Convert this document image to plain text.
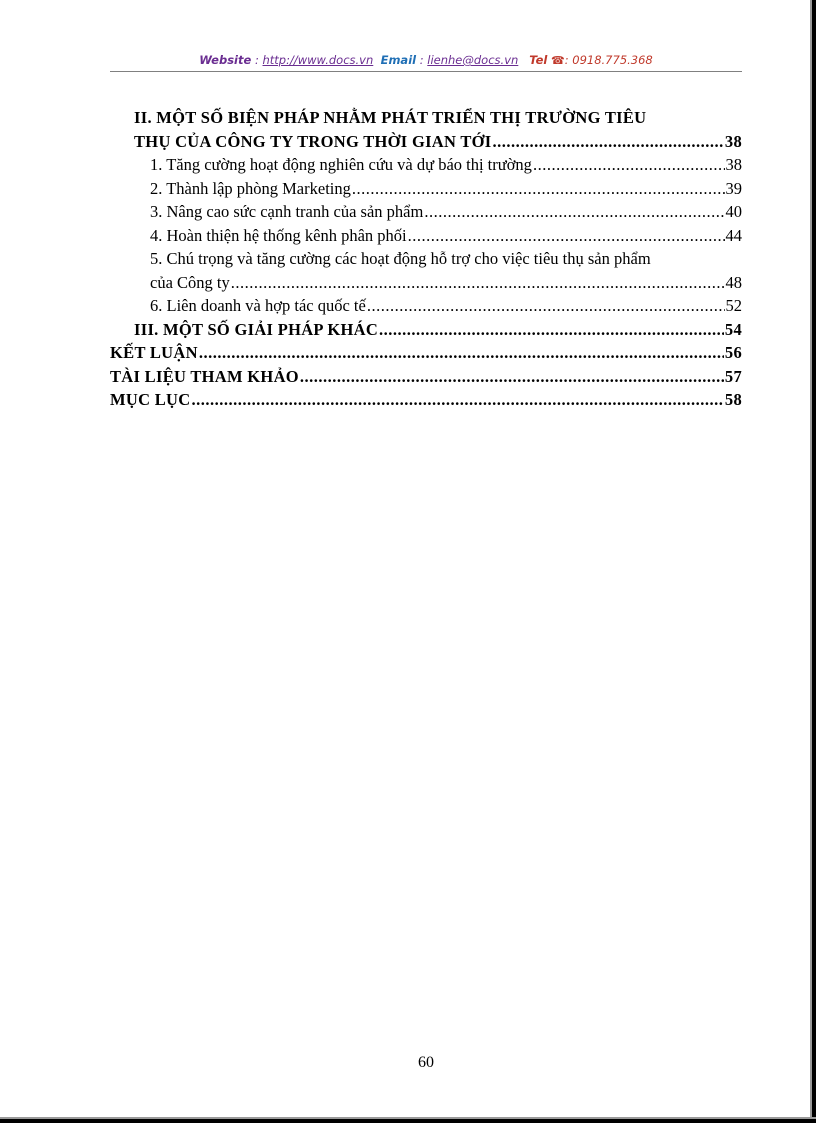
Website : http://www.docs.vn Email : lienhe@docs.vn Tel ☎: 0918.775.368
II. MỘT SỐ BIỆN PHÁP NHẰM PHÁT TRIỂN THỊ TRƯỜNG TIÊU
THỤ CỦA CÔNG TY TRONG THỜI GIAN TỚI .....	38
1. Tăng cường hoạt động nghiên cứu và dự báo thị trường .....	38
2. Thành lập phòng Marketing .....	39
3. Nâng cao sức cạnh tranh của sản phẩm .....	40
4. Hoàn thiện hệ thống kênh phân phối .....	44
5. Chú trọng và tăng cường các hoạt động hỗ trợ cho việc tiêu thụ sản phẩm
của Công ty .....	48
6. Liên doanh và hợp tác quốc tế .....	52
III. MỘT SỐ GIẢI PHÁP KHÁC .....	54
KẾT LUẬN .....	56
TÀI LIỆU THAM KHẢO .....	57
MỤC LỤC .....	58
60
